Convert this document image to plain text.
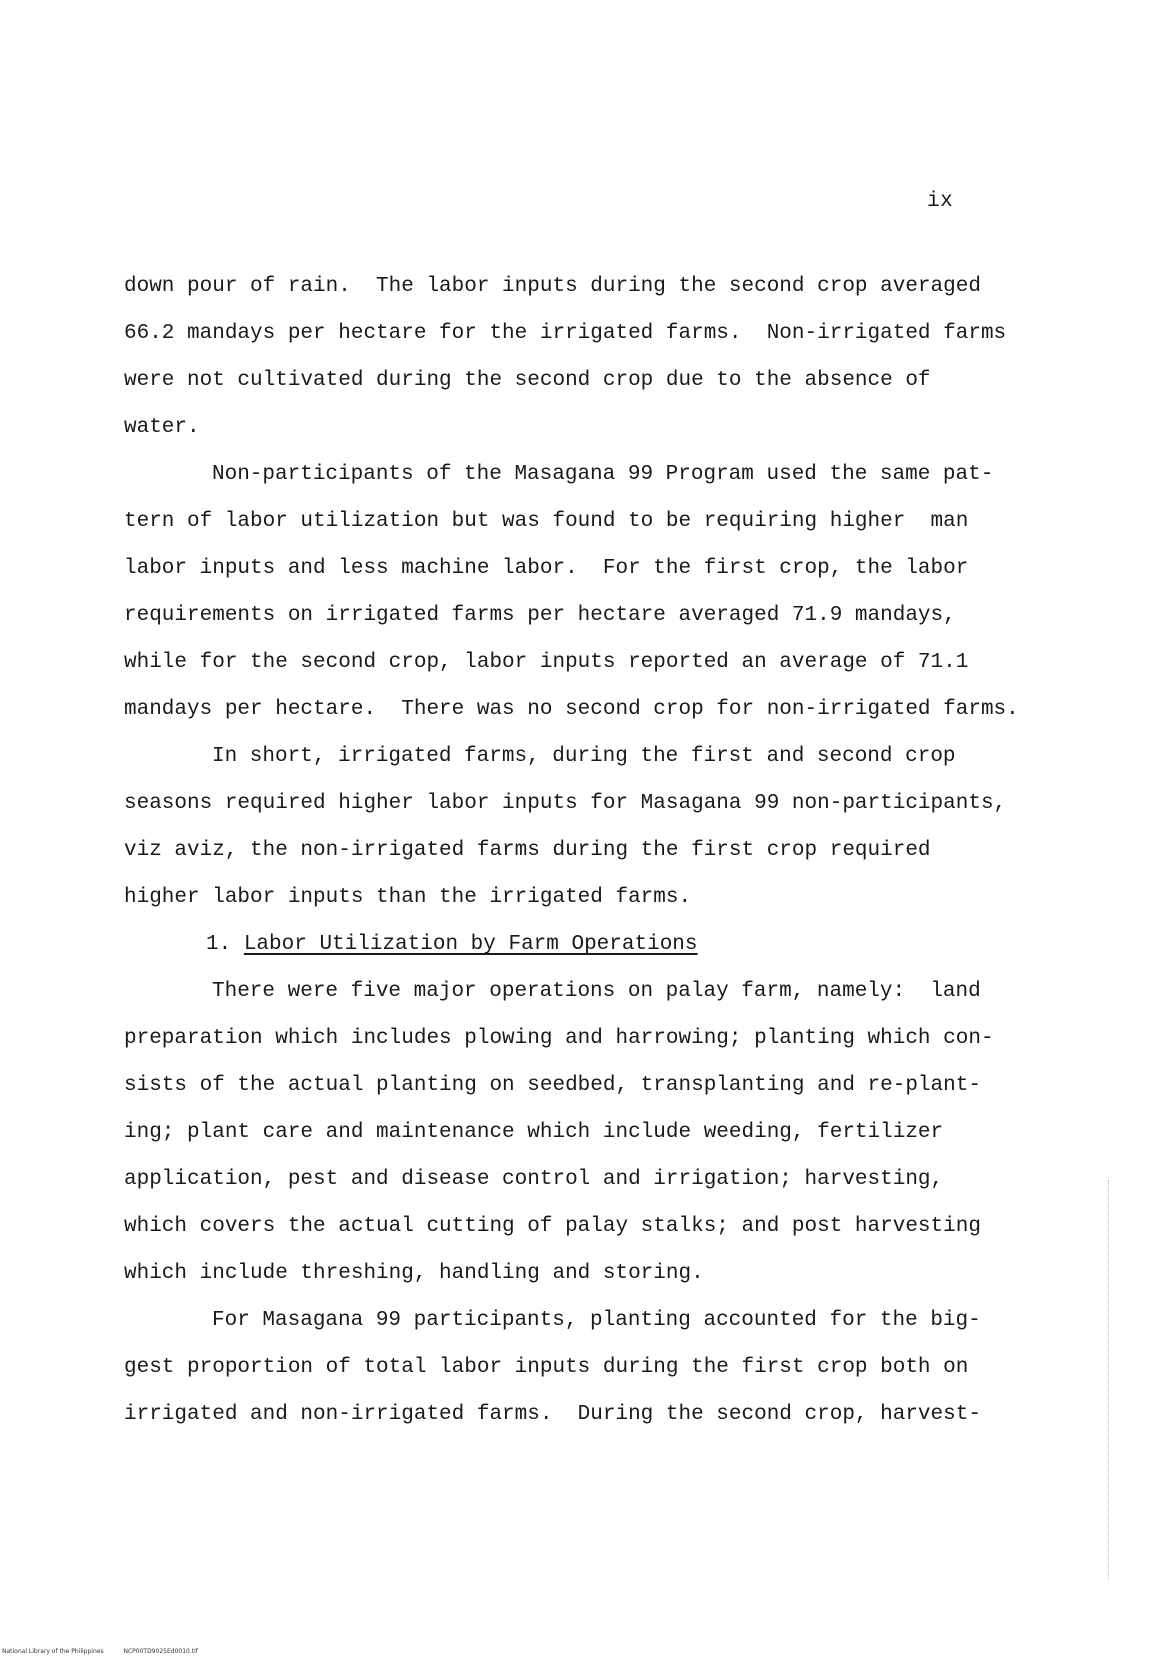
ix
down pour of rain.  The labor inputs during the second crop averaged
66.2 mandays per hectare for the irrigated farms.  Non-irrigated farms
were not cultivated during the second crop due to the absence of
water.
Non-participants of the Masagana 99 Program used the same pat-
tern of labor utilization but was found to be requiring higher  man
labor inputs and less machine labor.  For the first crop, the labor
requirements on irrigated farms per hectare averaged 71.9 mandays,
while for the second crop, labor inputs reported an average of 71.1
mandays per hectare.  There was no second crop for non-irrigated farms.
In short, irrigated farms, during the first and second crop
seasons required higher labor inputs for Masagana 99 non-participants,
viz aviz, the non-irrigated farms during the first crop required
higher labor inputs than the irrigated farms.
1. Labor Utilization by Farm Operations
There were five major operations on palay farm, namely:  land
preparation which includes plowing and harrowing; planting which con-
sists of the actual planting on seedbed, transplanting and re-plant-
ing; plant care and maintenance which include weeding, fertilizer
application, pest and disease control and irrigation; harvesting,
which covers the actual cutting of palay stalks; and post harvesting
which include threshing, handling and storing.
For Masagana 99 participants, planting accounted for the big-
gest proportion of total labor inputs during the first crop both on
irrigated and non-irrigated farms.  During the second crop, harvest-
National Library of the Philippines	NCP00TD9025Ed0010.tif
